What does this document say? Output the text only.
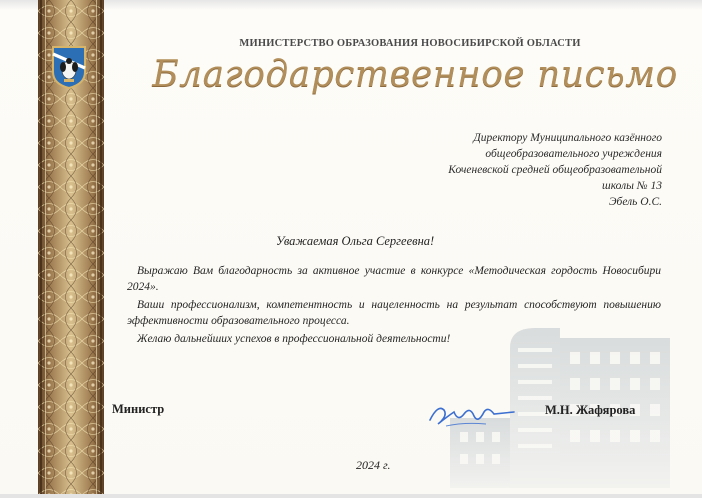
МИНИСТЕРСТВО ОБРАЗОВАНИЯ НОВОСИБИРСКОЙ ОБЛАСТИ
Благодарственное письмо
Директору Муниципального казённого
общеобразовательного учреждения
Коченевской средней общеобразовательной
школы № 13
Эбель О.С.
Уважаемая Ольга Сергеевна!

Выражаю Вам благодарность за активное участие в конкурсе «Методическая гордость Новосибири 2024».

Ваши профессионализм, компетентность и нацеленность на результат способствуют повышению эффективности образовательного процесса.

Желаю дальнейших успехов в профессиональной деятельности!

Министр	М.Н. Жафярова
2024 г.
